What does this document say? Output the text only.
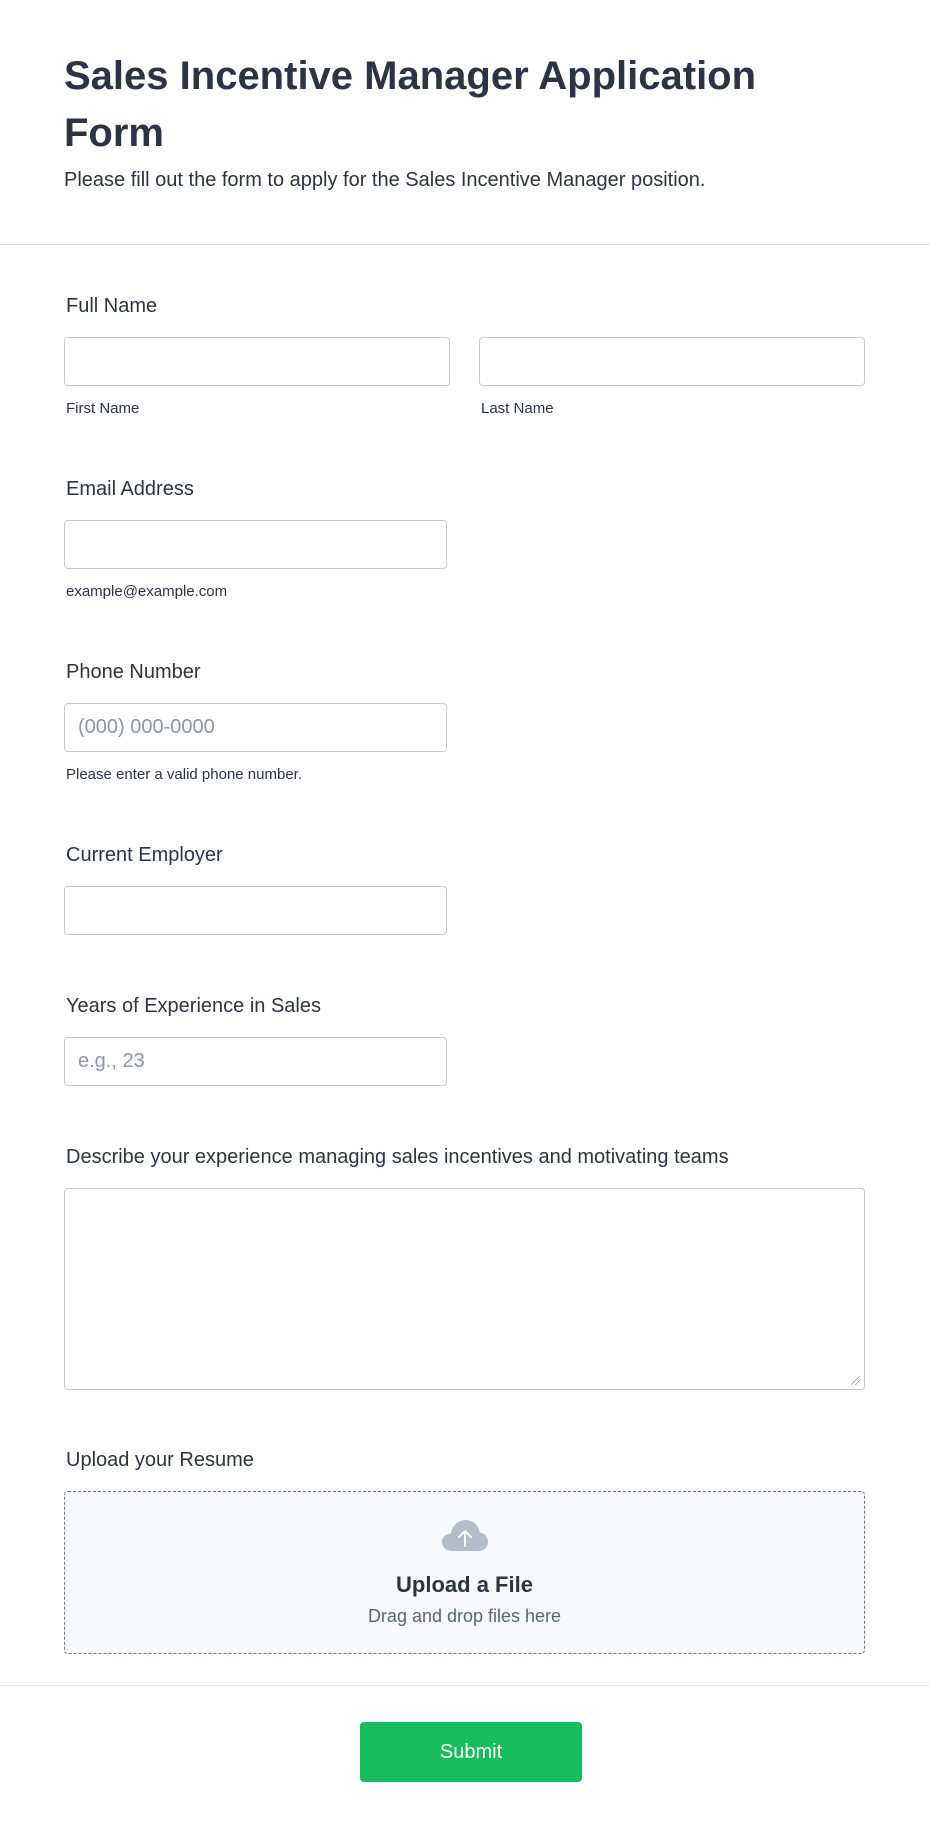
Sales Incentive Manager Application Form

Please fill out the form to apply for the Sales Incentive Manager position.

Full Name
First Name	Last Name
Email Address
example@example.com
Phone Number
(000) 000-0000
Please enter a valid phone number.
Current Employer
Years of Experience in Sales
e.g., 23
Describe your experience managing sales incentives and motivating teams
Upload your Resume
Upload a File
Drag and drop files here
Submit
